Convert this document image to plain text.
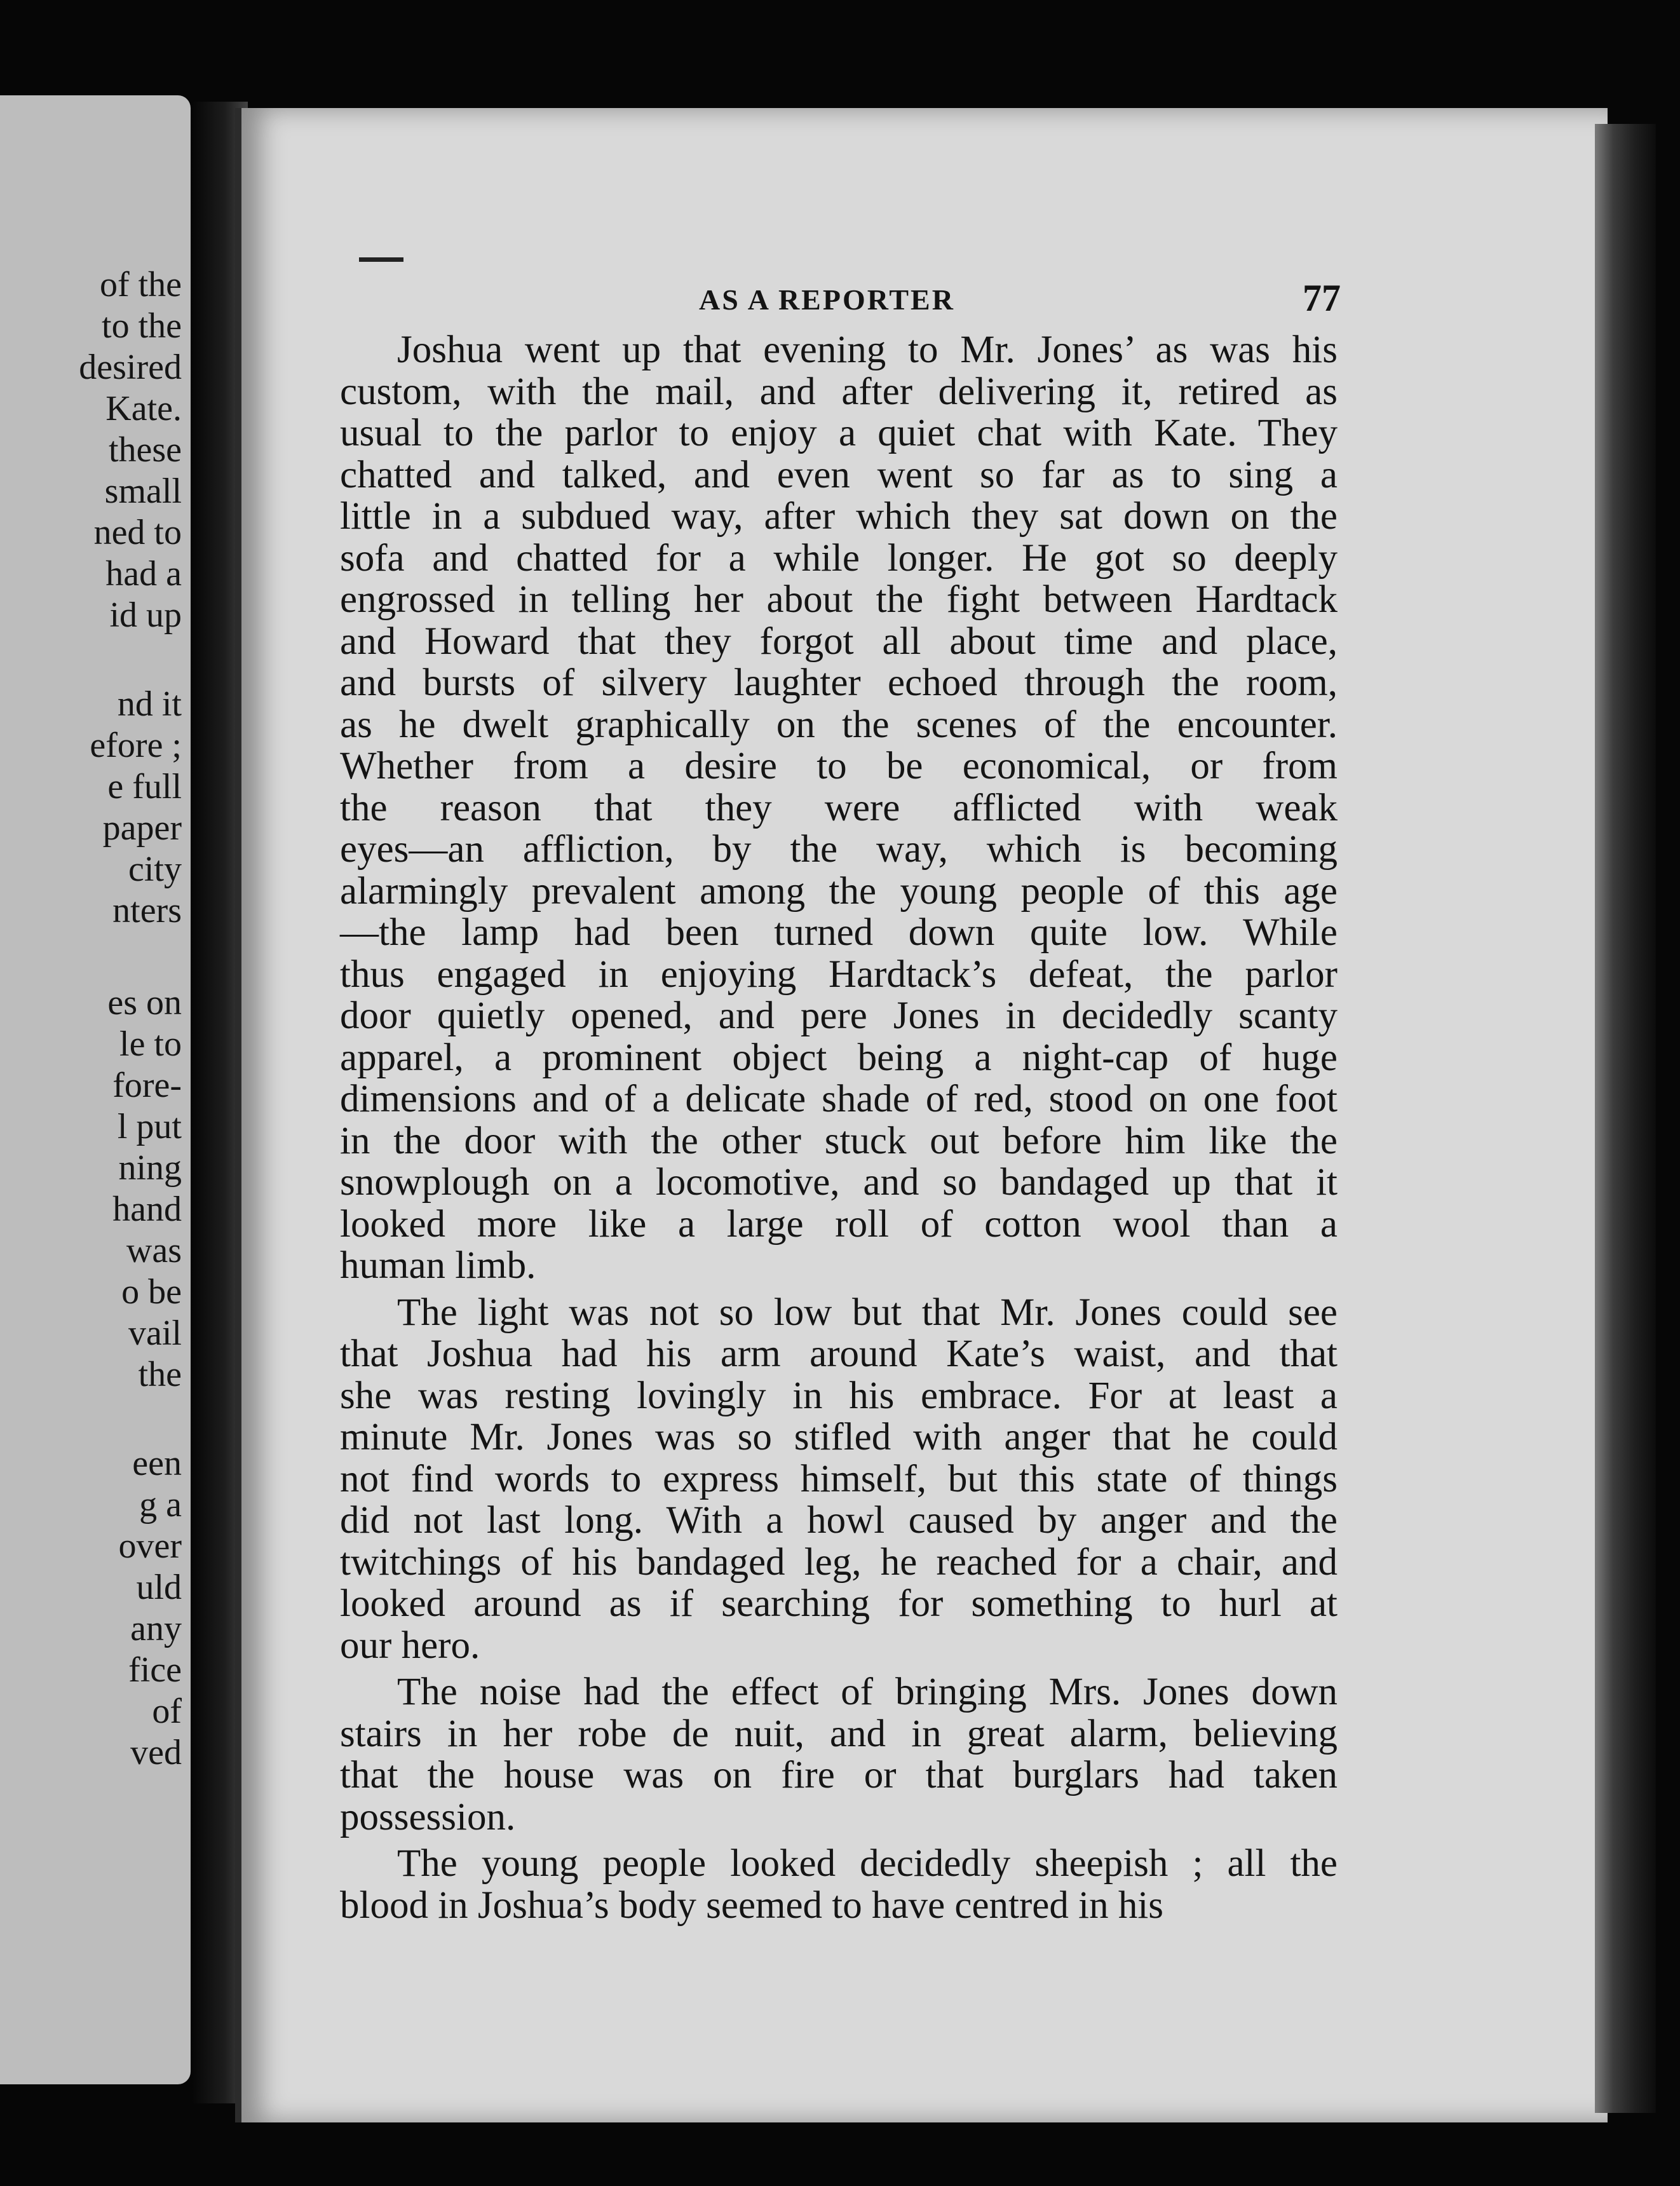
of the

to the

desired

Kate.

these

small

ned to

had a

id up

nd it

efore ;

e full

paper

city

nters

es on

le to

fore-

l put

ning

hand

was

o be

vail

the

een

g a

over

uld

any

fice

of

ved

AS A REPORTER	77

Joshua went up that evening to Mr. Jones’ as was his
custom, with the mail, and after delivering it, retired as
usual to the parlor to enjoy a quiet chat with Kate. They
chatted and talked, and even went so far as to sing a
little in a subdued way, after which they sat down on the
sofa and chatted for a while longer. He got so deeply
engrossed in telling her about the fight between Hardtack
and Howard that they forgot all about time and place,
and bursts of silvery laughter echoed through the room,
as he dwelt graphically on the scenes of the encounter.
Whether from a desire to be economical, or from
the reason that they were afflicted with weak
eyes—an affliction, by the way, which is becoming
alarmingly prevalent among the young people of this age
—the lamp had been turned down quite low. While
thus engaged in enjoying Hardtack’s defeat, the parlor
door quietly opened, and pere Jones in decidedly scanty
apparel, a prominent object being a night-cap of huge
dimensions and of a delicate shade of red, stood on one foot
in the door with the other stuck out before him like the
snowplough on a locomotive, and so bandaged up that it
looked more like a large roll of cotton wool than a
human limb.
The light was not so low but that Mr. Jones could see
that Joshua had his arm around Kate’s waist, and that
she was resting lovingly in his embrace. For at least a
minute Mr. Jones was so stifled with anger that he could
not find words to express himself, but this state of things
did not last long. With a howl caused by anger and the
twitchings of his bandaged leg, he reached for a chair, and
looked around as if searching for something to hurl at
our hero.
The noise had the effect of bringing Mrs. Jones down
stairs in her robe de nuit, and in great alarm, believing
that the house was on fire or that burglars had taken
possession.
The young people looked decidedly sheepish ; all the
blood in Joshua’s body seemed to have centred in his
